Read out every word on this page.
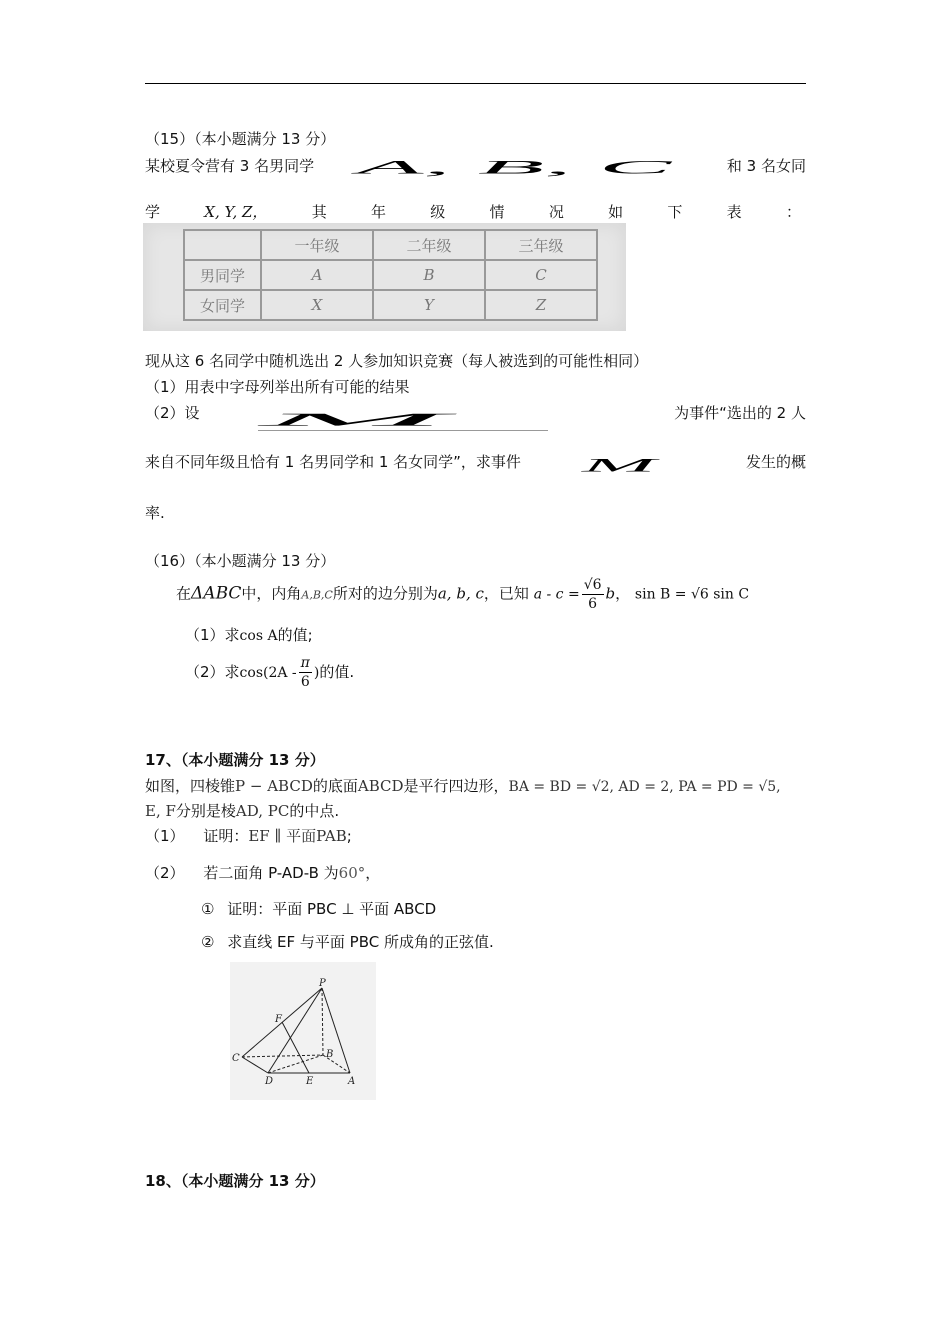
（15）（本小题满分 13 分）
某校夏令营有 3 名男同学 A, B, C	和 3 名女同
学	X, Y, Z，	其	年	级	情	况	如	下	表	：
	一年级	二年级	三年级
男同学	A	B	C
女同学	X	Y	Z
现从这 6 名同学中随机选出 2 人参加知识竞赛（每人被选到的可能性相同）
（1）用表中字母列举出所有可能的结果
（2）设 M	为事件“选出的 2 人
来自不同年级且恰有 1 名男同学和 1 名女同学”，求事件 M	发生的概
率.
（16）（本小题满分 13 分）
在ΔABC中，内角A,B,C所对的边分别为a, b, c，已知 $a - c = \frac{√6}{6}$ b， sin B = √6 sin C
（1）求cos A的值;
（2）求$\cos(2A - \frac{\pi}{6}$ )的值.
17、（本小题满分 13 分）
如图，四棱锥P − ABCD的底面ABCD是平行四边形，BA = BD = √2, AD = 2, PA = PD = √5,
E, F分别是棱AD, PC的中点.
（1） 证明：EF ∥ 平面PAB;
（2） 若二面角 P-AD-B 为60°，
① 证明：平面 PBC ⊥ 平面 ABCD
② 求直线 EF 与平面 PBC 所成角的正弦值.
P
F
C	B
D	E	A
18、（本小题满分 13 分）
